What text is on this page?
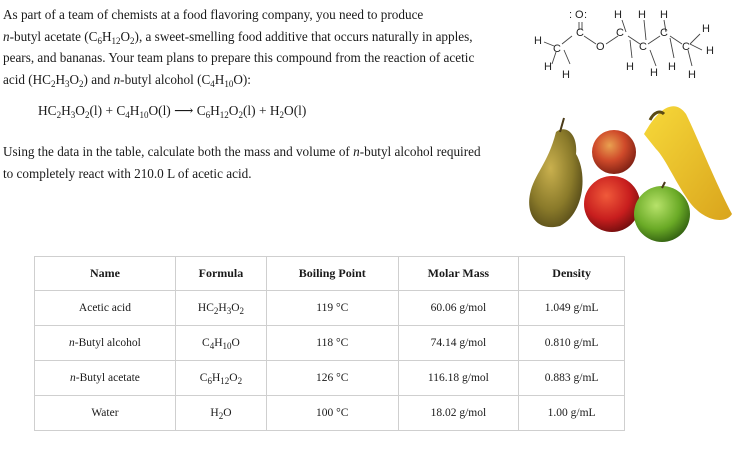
As part of a team of chemists at a food flavoring company, you need to produce
n-butyl acetate $(C_6H_{12}O_2)$, a sweet-smelling food additive that occurs naturally in apples, pears, and bananas. Your team plans to prepare this compound from the reaction of acetic acid $(HC_2H_3O_2)$ and n-butyl alcohol $(C_4H_{10}O)$:

$HC_2H_3O_2(l) + C_4H_{10}O(l)$ ⟶ $C_6H_{12}O_2(l) + H_2O(l)$

Using the data in the table, calculate both the mass and volume of n-butyl alcohol required to completely react with 210.0 L of acetic acid.

H
C
H
H
C
O
: :
O
C
H
H
C
H
H
C
H
H
C
H
H
H
Name	Formula	Boiling Point	Molar Mass	Density
Acetic acid	$HC_2H_3O_2$	119 °C	60.06 g/mol	1.049 g/mL
n-Butyl alcohol	$C_4H_{10}O$	118 °C	74.14 g/mol	0.810 g/mL
n-Butyl acetate	$C_6H_{12}O_2$	126 °C	116.18 g/mol	0.883 g/mL
Water	$H_2O$	100 °C	18.02 g/mol	1.00 g/mL
